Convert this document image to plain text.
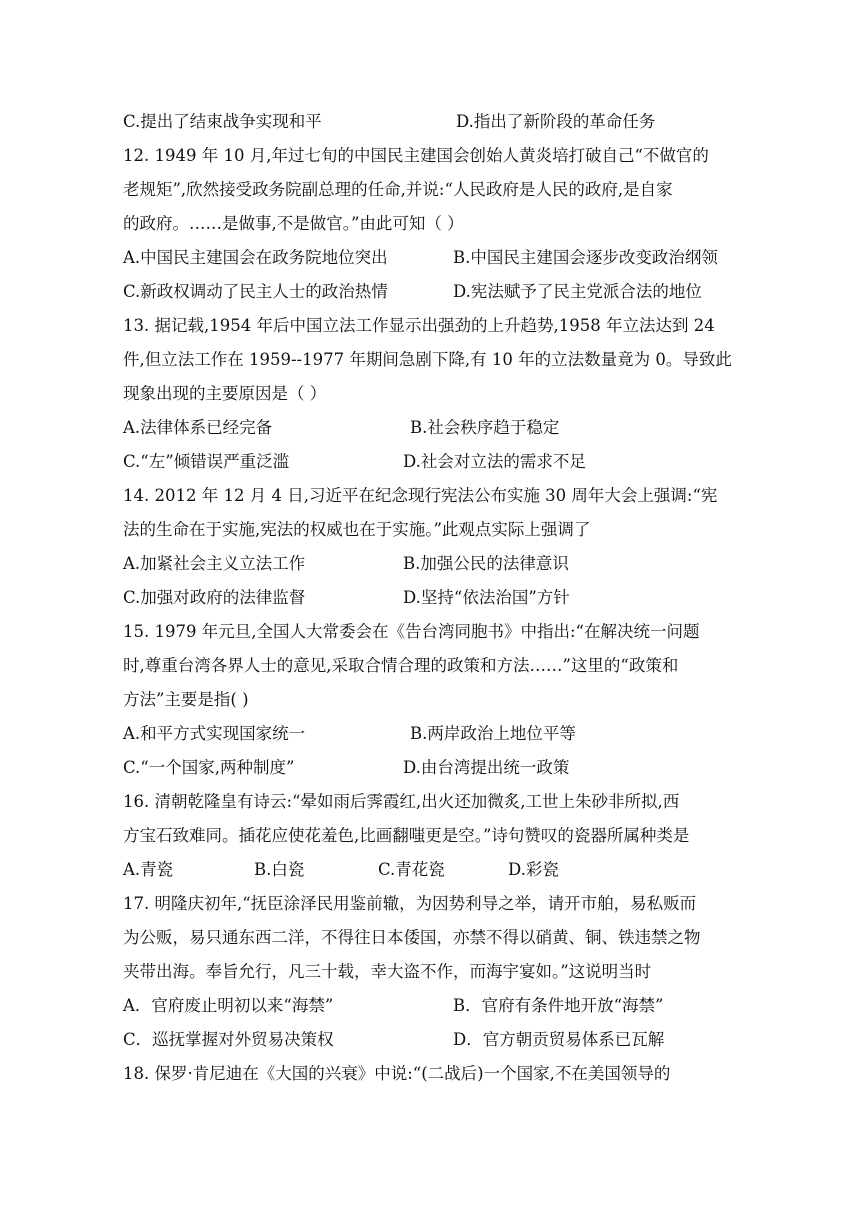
C.提出了结束战争实现和平	D.指出了新阶段的革命任务
12. 1949 年 10 月,年过七旬的中国民主建国会创始人黄炎培打破自己“不做官的
老规矩”,欣然接受政务院副总理的任命,并说:“人民政府是人民的政府,是自家
的政府。……是做事,不是做官。”由此可知（ ）
A.中国民主建国会在政务院地位突出	B.中国民主建国会逐步改变政治纲领
C.新政权调动了民主人士的政治热情	D.宪法赋予了民主党派合法的地位
13. 据记载,1954 年后中国立法工作显示出强劲的上升趋势,1958 年立法达到 24
件,但立法工作在 1959--1977 年期间急剧下降,有 10 年的立法数量竟为 0。导致此
现象出现的主要原因是（ ）
A.法律体系已经完备	B.社会秩序趋于稳定
C.“左”倾错误严重泛滥	D.社会对立法的需求不足
14. 2012 年 12 月 4 日,习近平在纪念现行宪法公布实施 30 周年大会上强调:“宪
法的生命在于实施,宪法的权威也在于实施。”此观点实际上强调了
A.加紧社会主义立法工作	B.加强公民的法律意识
C.加强对政府的法律监督	D.坚持“依法治国”方针
15. 1979 年元旦,全国人大常委会在《告台湾同胞书》中指出:“在解决统一问题
时,尊重台湾各界人士的意见,采取合情合理的政策和方法……”这里的“政策和
方法”主要是指( )
A.和平方式实现国家统一	B.两岸政治上地位平等
C.“一个国家,两种制度”	D.由台湾提出统一政策
16. 清朝乾隆皇有诗云:“晕如雨后霁霞红,出火还加微炙,工世上朱砂非所拟,西
方宝石致难同。插花应使花羞色,比画翻嗤更是空。”诗句赞叹的瓷器所属种类是
A.青瓷	B.白瓷	C.青花瓷	D.彩瓷
17. 明隆庆初年,“抚臣涂泽民用鉴前辙，为因势利导之举，请开市舶，易私贩而
为公贩，易只通东西二洋，不得往日本倭国，亦禁不得以硝黄、铜、铁违禁之物
夹带出海。奉旨允行，凡三十载，幸大盗不作，而海宇宴如。”这说明当时
A．官府废止明初以来“海禁”	B．官府有条件地开放“海禁”
C．巡抚掌握对外贸易决策权	D．官方朝贡贸易体系已瓦解
18. 保罗·肯尼迪在《大国的兴衰》中说:“(二战后)一个国家,不在美国领导的
